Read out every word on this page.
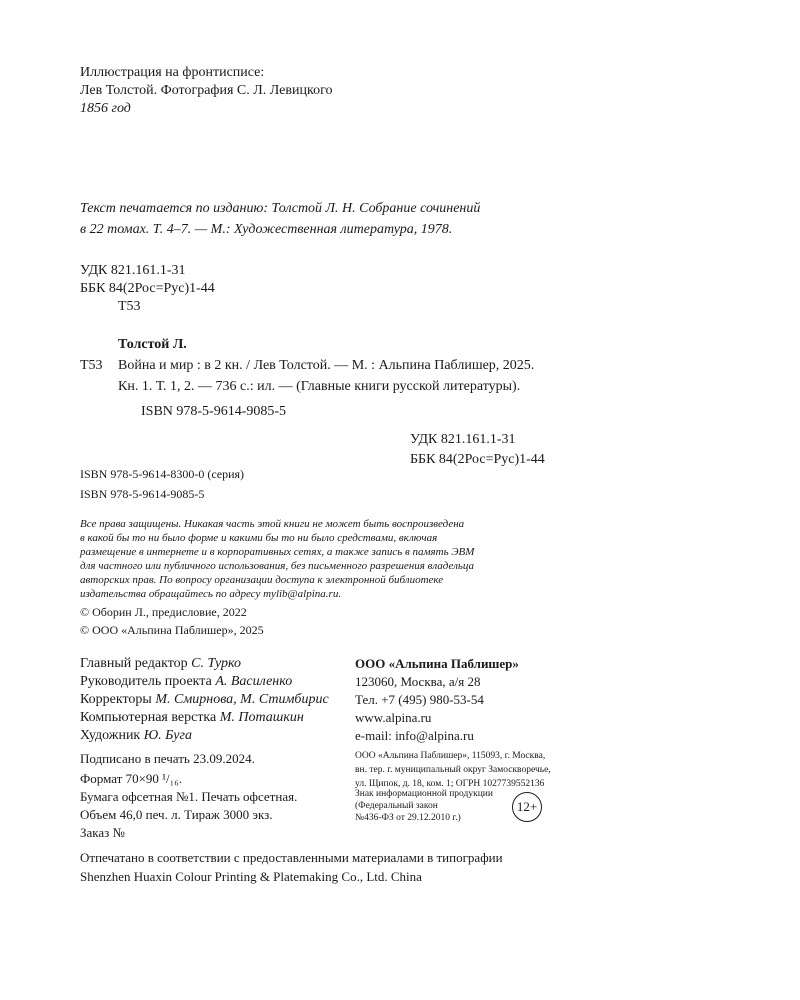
Иллюстрация на фронтисписе:
Лев Толстой. Фотография С. Л. Левицкого
1856 год
Текст печатается по изданию: Толстой Л. Н. Собрание сочинений
в 22 томах. Т. 4–7. — М.: Художественная литература, 1978.
УДК 821.161.1-31
ББК 84(2Рос=Рус)1-44
Т53
Толстой Л.
Т53	Война и мир : в 2 кн. / Лев Толстой. — М. : Альпина Паблишер, 2025.
Кн. 1. Т. 1, 2. — 736 с.: ил. — (Главные книги русской литературы).
ISBN 978-5-9614-9085-5
УДК 821.161.1-31
ББК 84(2Рос=Рус)1-44
ISBN 978-5-9614-8300-0 (серия)
ISBN 978-5-9614-9085-5
Все права защищены. Никакая часть этой книги не может быть воспроизведена
в какой бы то ни было форме и какими бы то ни было средствами, включая
размещение в интернете и в корпоративных сетях, а также запись в память ЭВМ
для частного или публичного использования, без письменного разрешения владельца
авторских прав. По вопросу организации доступа к электронной библиотеке
издательства обращайтесь по адресу mylib@alpina.ru.
© Оборин Л., предисловие, 2022
© ООО «Альпина Паблишер», 2025
Главный редактор
С. Турко
Руководитель проекта
А. Василенко
Корректоры
М. Смирнова, М. Стимбирис
Компьютерная верстка
М. Поташкин
Художник
Ю. Буга
Подписано в печать 23.09.2024.
Формат 70×90 ¹/₁₆.
Бумага офсетная №1. Печать офсетная.
Объем 46,0 печ. л. Тираж 3000 экз.
Заказ №
ООО «Альпина Паблишер»
123060, Москва, а/я 28
Тел. +7 (495) 980-53-54
www.alpina.ru
e-mail: info@alpina.ru
ООО «Альпина Паблишер», 115093, г. Москва,
вн. тер. г. муниципальный округ Замоскворечье,
ул. Щипок, д. 18, ком. 1; ОГРН 1027739552136
Знак информационной продукции
(Федеральный закон
№436-ФЗ от 29.12.2010 г.)
12+
Отпечатано в соответствии с предоставленными материалами в типографии
Shenzhen Huaxin Colour Printing & Platemaking Co., Ltd. China
